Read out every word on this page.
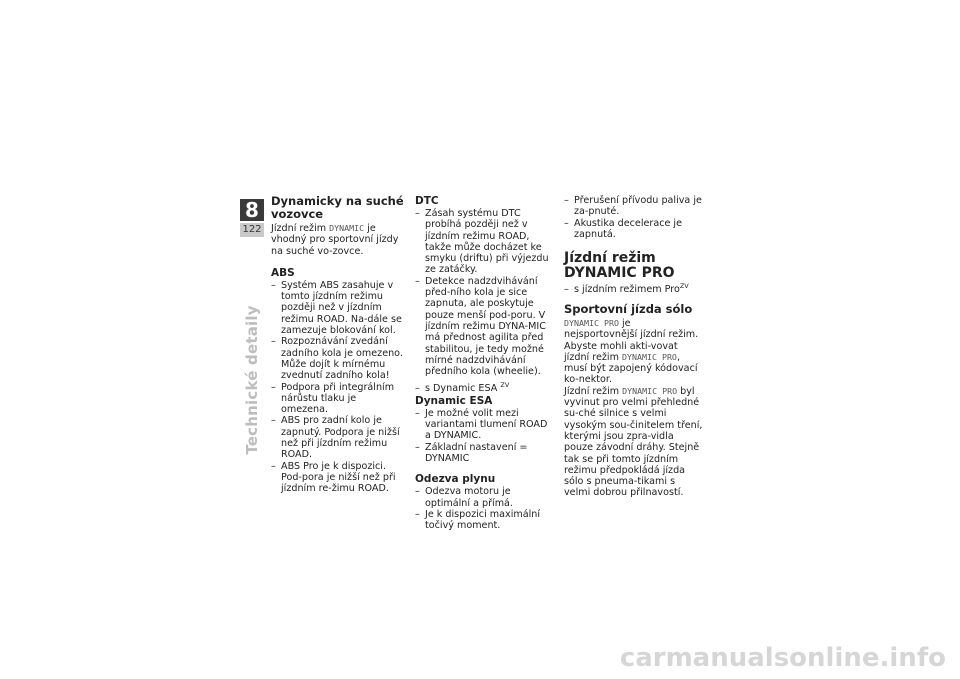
8
122
Technické detaily
Dynamicky na suché vozovce

Jízdní režim DYNAMIC je vhodný pro sportovní jízdy na suché vo-zovce.

ABS
– Systém ABS zasahuje v tomto jízdním režimu později než v jízdním režimu ROAD. Na-dále se zamezuje blokování kol.
– Rozpoznávání zvedání zadního kola je omezeno. Může dojít k mírnému zvednutí zadního kola!
– Podpora při integrálním nárůstu tlaku je omezena.
– ABS pro zadní kolo je zapnutý. Podpora je nižší než při jízdním režimu ROAD.
– ABS Pro je k dispozici. Pod-pora je nižší než při jízdním re-žimu ROAD.
DTC
– Zásah systému DTC probíhá později než v jízdním režimu ROAD, takže může docházet ke smyku (driftu) při výjezdu ze zatáčky.
– Detekce nadzdvihávání před-ního kola je sice zapnuta, ale poskytuje pouze menší pod-poru. V jízdním režimu DYNA-MIC má přednost agilita před stabilitou, je tedy možné mírné nadzdvihávání předního kola (wheelie).
– s Dynamic ESA $^{ZV}$
Dynamic ESA
– Je možné volit mezi variantami tlumení ROAD a DYNAMIC.
– Základní nastavení = DYNAMIC
Odezva plynu
– Odezva motoru je optimální a přímá.
– Je k dispozici maximální točivý moment.
– Přerušení přívodu paliva je za-pnuté.
– Akustika decelerace je zapnutá.
Jízdní režim DYNAMIC PRO
– s jízdním režimem Pro$^{ZV}$
Sportovní jízda sólo

DYNAMIC PRO je nejsportovnější jízdní režim. Abyste mohli akti-vovat jízdní režim DYNAMIC PRO, musí být zapojený kódovací ko-nektor.

Jízdní režim DYNAMIC PRO byl vyvinut pro velmi přehledné su-ché silnice s velmi vysokým sou-činitelem tření, kterými jsou zpra-vidla pouze závodní dráhy. Stejně tak se při tomto jízdním režimu předpokládá jízda sólo s pneuma-tikami s velmi dobrou přilnavostí.

carmanualsonline.info
